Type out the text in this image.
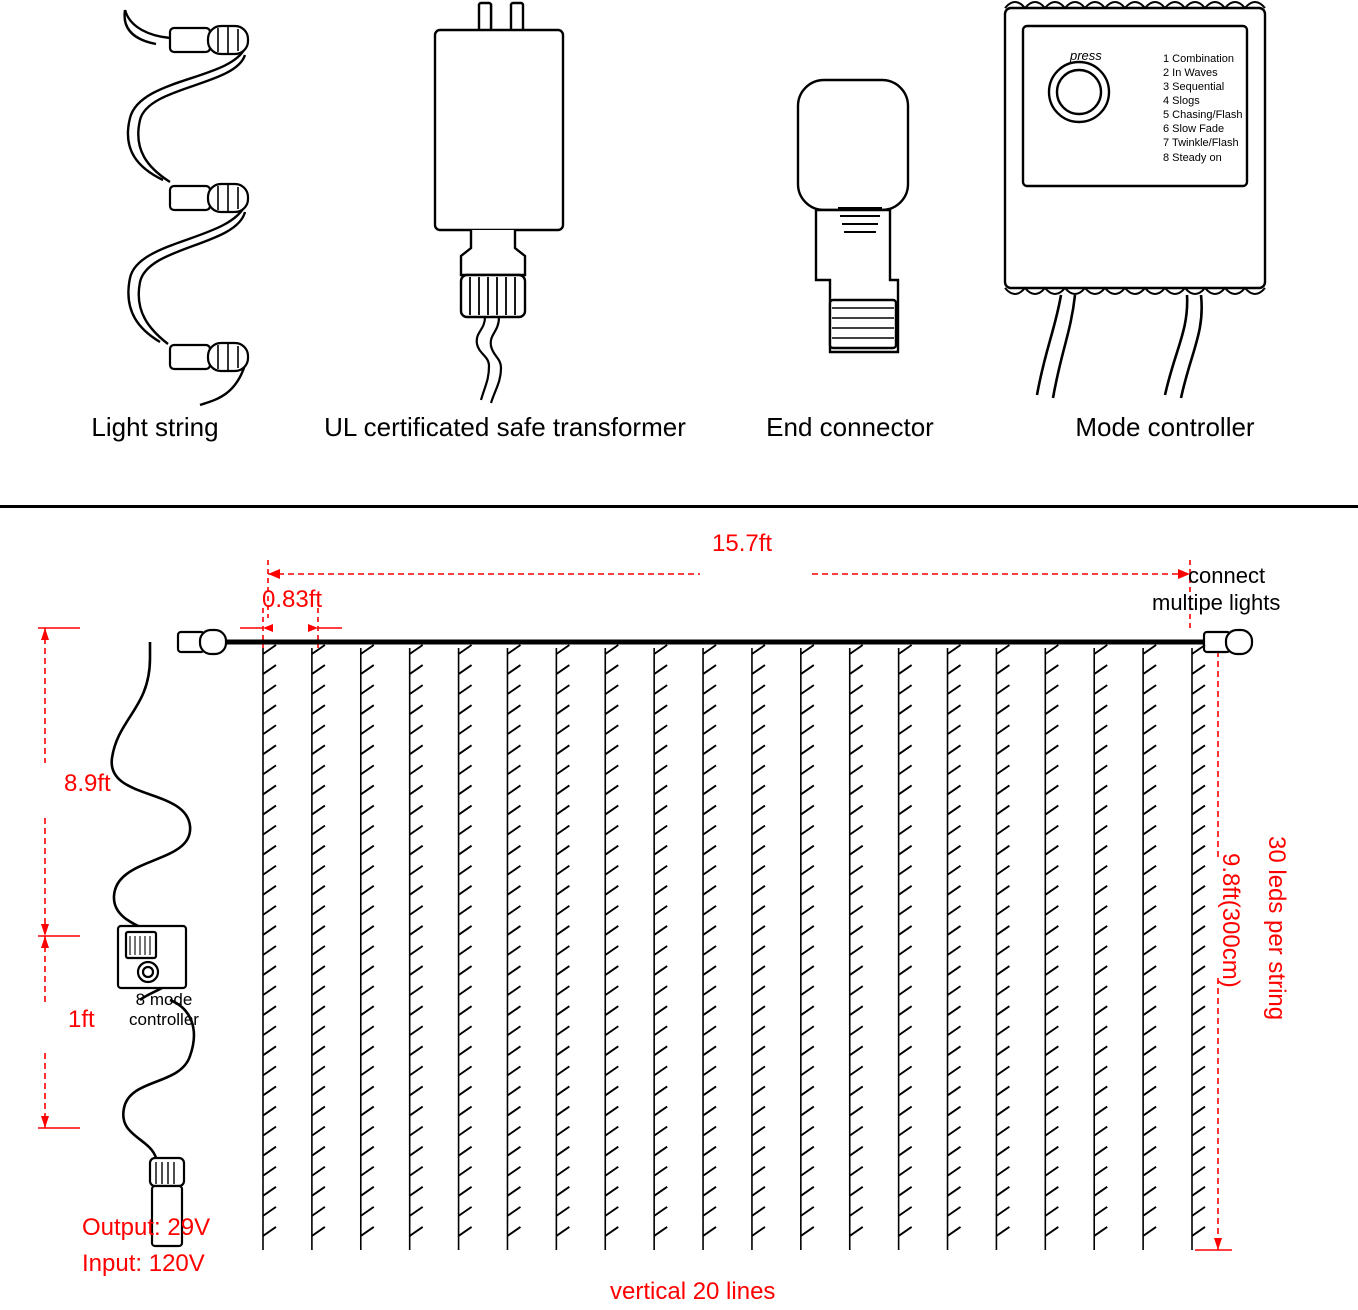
Light string	UL certificated safe transformer	End connector
press	1 Combination
2 In Waves
3 Sequential
4 Slogs
5 Chasing/Flash
6 Slow Fade
7 Twinkle/Flash
8 Steady on
Mode controller
15.7ft
0.83ft
connect
multipe lights
8.9ft
1ft
8 mode
controller
9.8ft(300cm) 30 leds per string
Output: 29V
Input: 120V
vertical 20 lines
